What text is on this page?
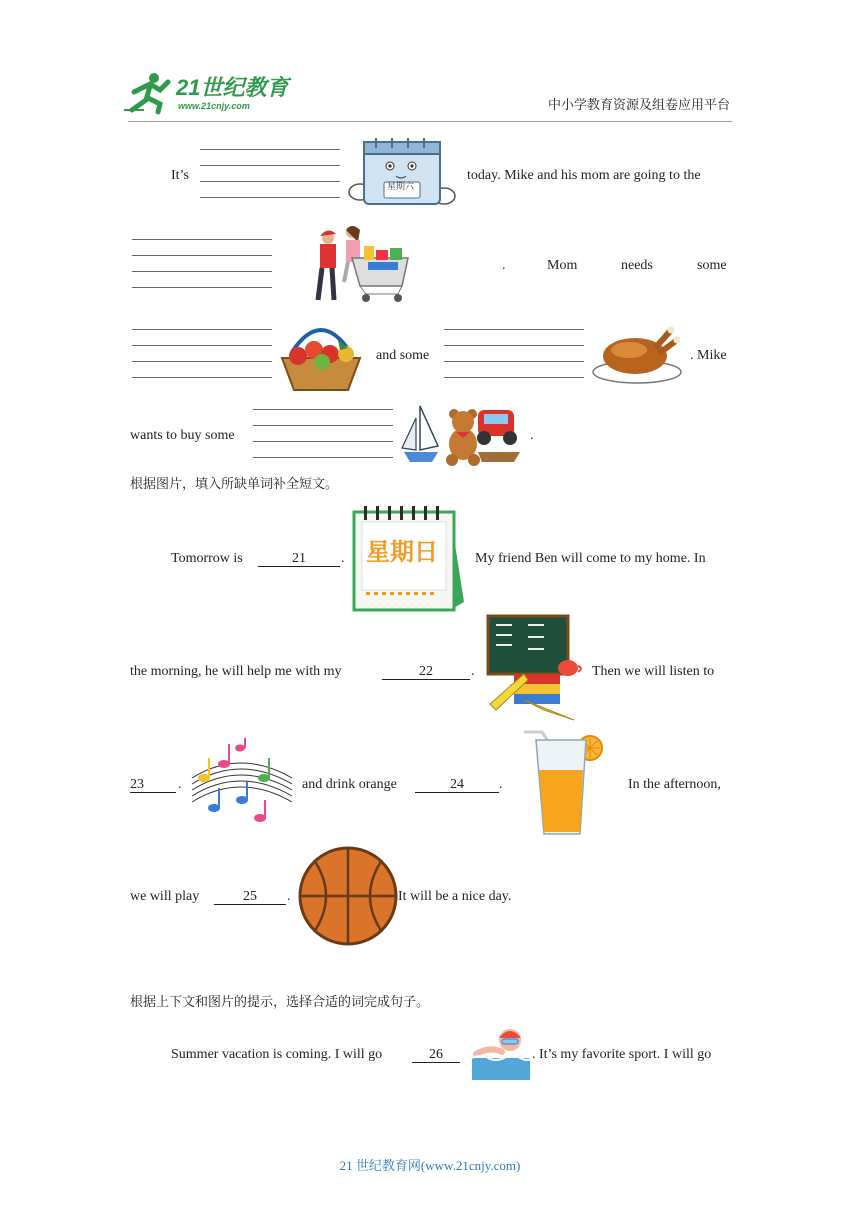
21世纪教育
www.21cnjy.com	中小学教育资源及组卷应用平台
It’s
星期六
today. Mike and his mom are going to the
.	Mom	needs	some
and some	. Mike
wants to buy some	.
根据图片，填入所缺单词补全短文。
Tomorrow is	21	. 星期日	My friend Ben will come to my home. In
the morning, he will help me with my	22	.	Then we will listen to
23	.	and drink orange	24	.	In the afternoon,
we will play	25	.	It will be a nice day.
根据上下文和图片的提示，选择合适的词完成句子。
Summer vacation is coming. I will go	26	. It’s my favorite sport. I will go
21 世纪教育网(www.21cnjy.com)
